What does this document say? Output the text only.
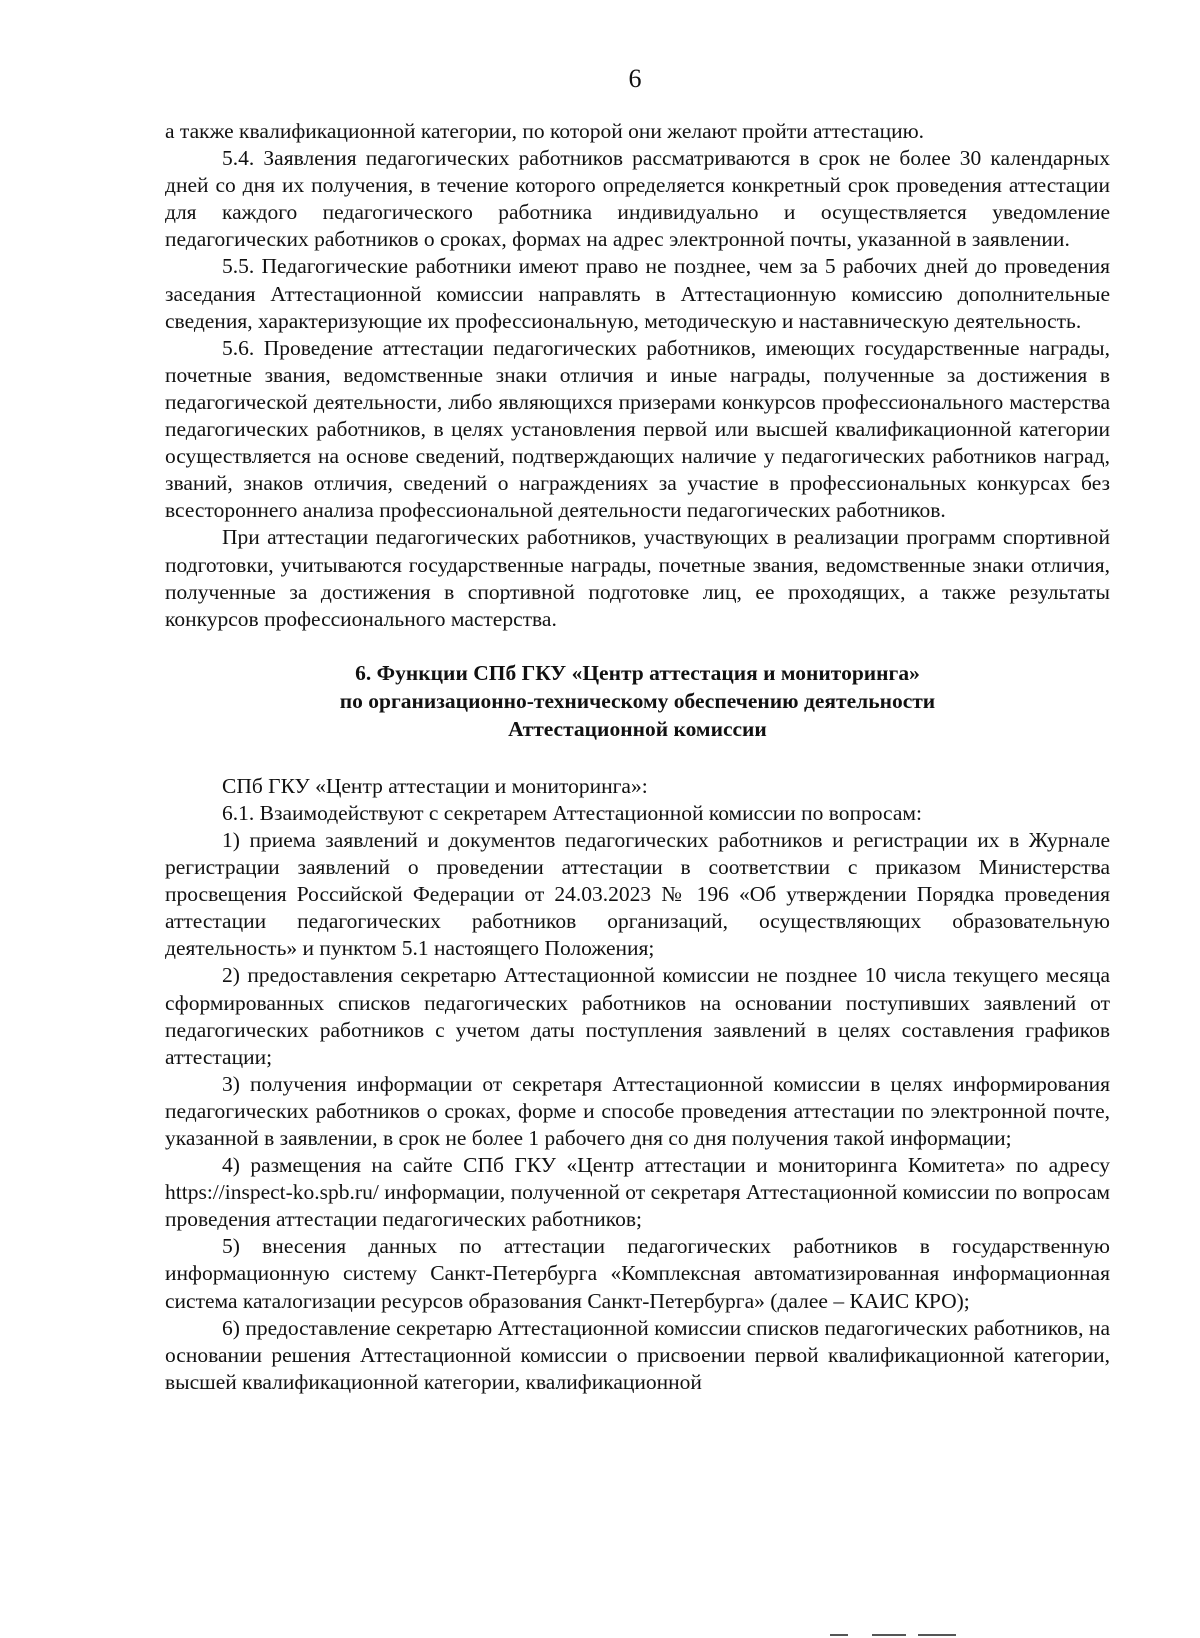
6

а также квалификационной категории, по которой они желают пройти аттестацию.

5.4. Заявления педагогических работников рассматриваются в срок не более 30 календарных дней со дня их получения, в течение которого определяется конкретный срок проведения аттестации для каждого педагогического работника индивидуально и осуществляется уведомление педагогических работников о сроках, формах на адрес электронной почты, указанной в заявлении.

5.5. Педагогические работники имеют право не позднее, чем за 5 рабочих дней до проведения заседания Аттестационной комиссии направлять в Аттестационную комиссию дополнительные сведения, характеризующие их профессиональную, методическую и наставническую деятельность.

5.6. Проведение аттестации педагогических работников, имеющих государственные награды, почетные звания, ведомственные знаки отличия и иные награды, полученные за достижения в педагогической деятельности, либо являющихся призерами конкурсов профессионального мастерства педагогических работников, в целях установления первой или высшей квалификационной категории осуществляется на основе сведений, подтверждающих наличие у педагогических работников наград, званий, знаков отличия, сведений о награждениях за участие в профессиональных конкурсах без всестороннего анализа профессиональной деятельности педагогических работников.

При аттестации педагогических работников, участвующих в реализации программ спортивной подготовки, учитываются государственные награды, почетные звания, ведомственные знаки отличия, полученные за достижения в спортивной подготовке лиц, ее проходящих, а также результаты конкурсов профессионального мастерства.

6. Функции СПб ГКУ «Центр аттестация и мониторинга»
по организационно-техническому обеспечению деятельности
Аттестационной комиссии

СПб ГКУ «Центр аттестации и мониторинга»:

6.1. Взаимодействуют с секретарем Аттестационной комиссии по вопросам:

1) приема заявлений и документов педагогических работников и регистрации их в Журнале регистрации заявлений о проведении аттестации в соответствии с приказом Министерства просвещения Российской Федерации от 24.03.2023 № 196 «Об утверждении Порядка проведения аттестации педагогических работников организаций, осуществляющих образовательную деятельность» и пунктом 5.1 настоящего Положения;

2) предоставления секретарю Аттестационной комиссии не позднее 10 числа текущего месяца сформированных списков педагогических работников на основании поступивших заявлений от педагогических работников с учетом даты поступления заявлений в целях составления графиков аттестации;

3) получения информации от секретаря Аттестационной комиссии в целях информирования педагогических работников о сроках, форме и способе проведения аттестации по электронной почте, указанной в заявлении, в срок не более 1 рабочего дня со дня получения такой информации;

4) размещения на сайте СПб ГКУ «Центр аттестации и мониторинга Комитета» по адресу https://inspect-ko.spb.ru/ информации, полученной от секретаря Аттестационной комиссии по вопросам проведения аттестации педагогических работников;

5) внесения данных по аттестации педагогических работников в государственную информационную систему Санкт-Петербурга «Комплексная автоматизированная информационная система каталогизации ресурсов образования Санкт-Петербурга» (далее – КАИС КРО);

6) предоставление секретарю Аттестационной комиссии списков педагогических работников, на основании решения Аттестационной комиссии о присвоении первой квалификационной категории, высшей квалификационной категории, квалификационной
